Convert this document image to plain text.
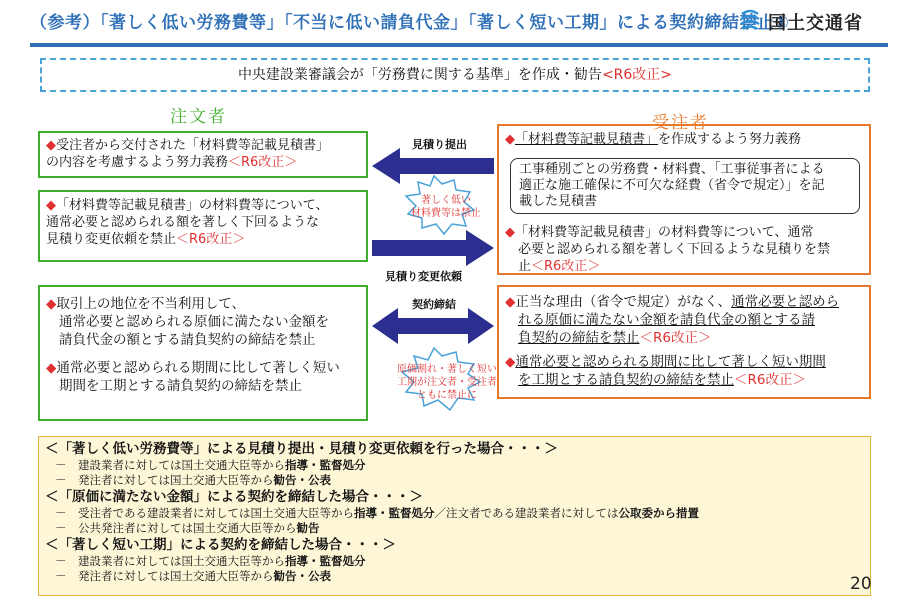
（参考）「著しく低い労務費等」「不当に低い請負代金」「著しく短い工期」による契約締結禁止①
国土交通省
中央建設業審議会が「労務費に関する基準」を作成・勧告<R6改正>
注文者	受注者
◆受注者から交付された「材料費等記載見積書」
の内容を考慮するよう努力義務＜R6改正＞
◆「材料費等記載見積書」の材料費等について、
通常必要と認められる額を著しく下回るような
見積り変更依頼を禁止＜R6改正＞
◆取引上の地位を不当利用して、
通常必要と認められる原価に満たない金額を
請負代金の額とする請負契約の締結を禁止
◆通常必要と認められる期間に比して著しく短い
期間を工期とする請負契約の締結を禁止
◆「材料費等記載見積書」を作成するよう努力義務
◆「材料費等記載見積書」の材料費等について、通常
必要と認められる額を著しく下回るような見積りを禁
止＜R6改正＞
工事種別ごとの労務費・材料費、「工事従事者による
適正な施工確保に不可欠な経費（省令で規定）」を記
載した見積書
◆正当な理由（省令で規定）がなく、通常必要と認めら
れる原価に満たない金額を請負代金の額とする請
負契約の締結を禁止＜R6改正＞
◆通常必要と認められる期間に比して著しく短い期間
を工期とする請負契約の締結を禁止＜R6改正＞
見積り提出
見積り変更依頼
契約締結
著しく低い
材料費等は禁止
原価割れ・著しく短い
工期が注文者・受注者
ともに禁止に
＜「著しく低い労務費等」による見積り提出・見積り変更依頼を行った場合・・・＞
－　建設業者に対しては国土交通大臣等から指導・監督処分
－　発注者に対しては国土交通大臣等から勧告・公表
＜「原価に満たない金額」による契約を締結した場合・・・＞
－　受注者である建設業者に対しては国土交通大臣等から指導・監督処分／注文者である建設業者に対しては公取委から措置
－　公共発注者に対しては国土交通大臣等から勧告
＜「著しく短い工期」による契約を締結した場合・・・＞
－　建設業者に対しては国土交通大臣等から指導・監督処分
－　発注者に対しては国土交通大臣等から勧告・公表	20
